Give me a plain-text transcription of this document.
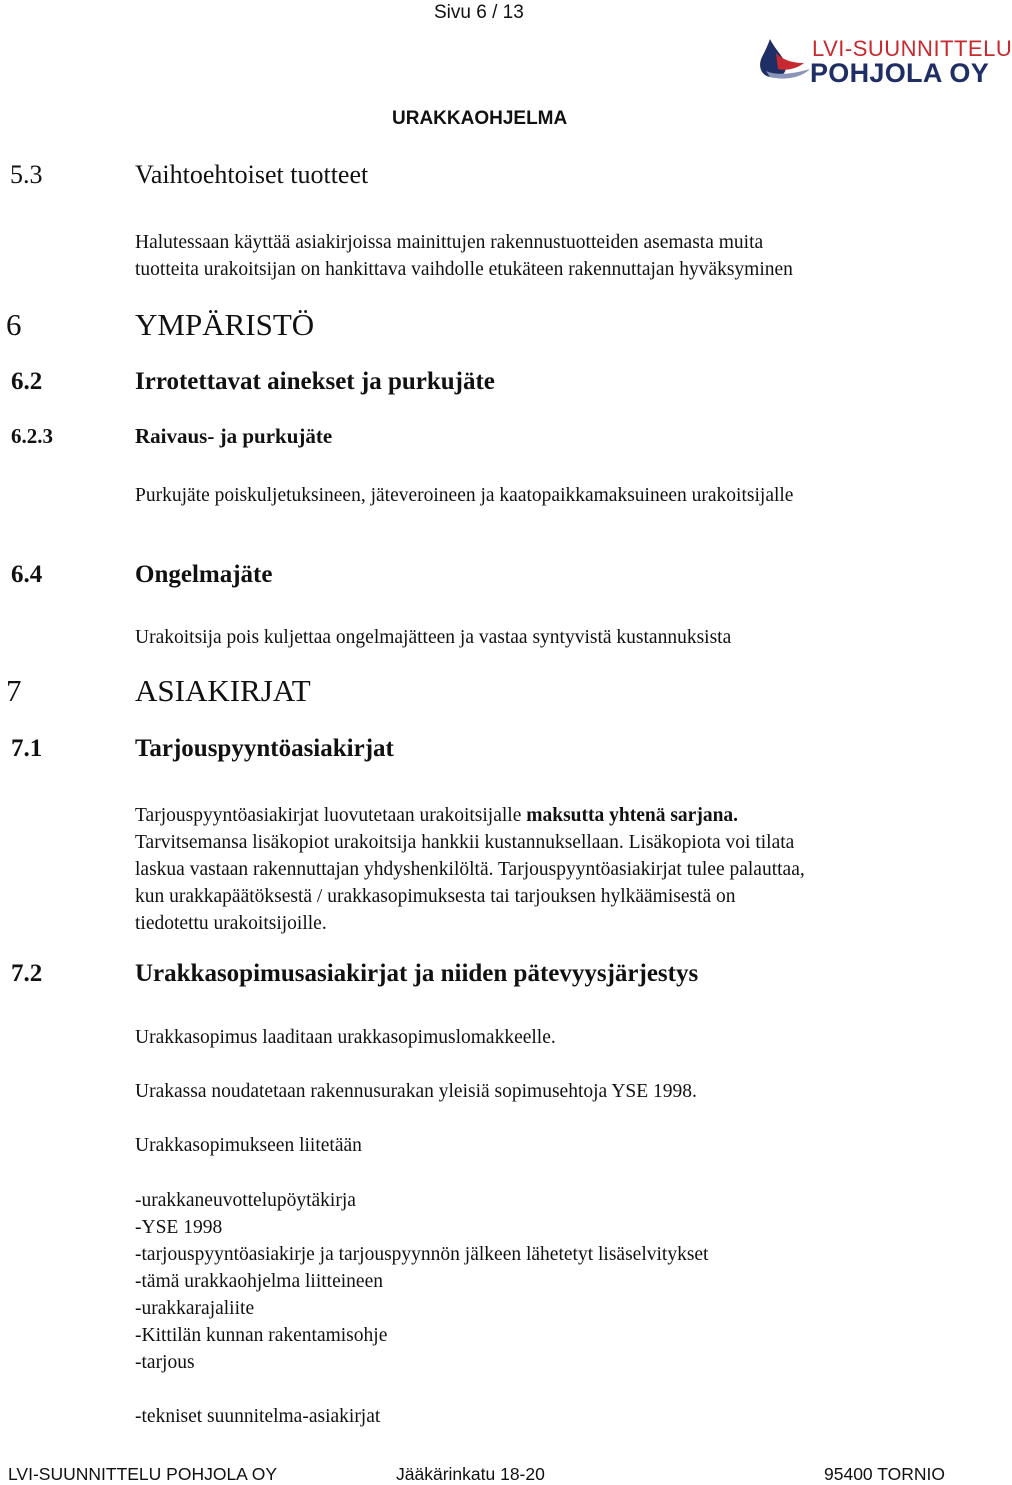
Sivu 6 / 13
URAKKAOHJELMA
LVI-SUUNNITTELU
POHJOLA OY
5.3	Vaihtoehtoiset tuotteet
Halutessaan käyttää asiakirjoissa mainittujen rakennustuotteiden asemasta muita
tuotteita urakoitsijan on hankittava vaihdolle etukäteen rakennuttajan hyväksyminen
6	YMPÄRISTÖ
6.2	Irrotettavat ainekset ja purkujäte
6.2.3	Raivaus- ja purkujäte
Purkujäte poiskuljetuksineen, jäteveroineen ja kaatopaikkamaksuineen urakoitsijalle
6.4	Ongelmajäte
Urakoitsija pois kuljettaa ongelmajätteen ja vastaa syntyvistä kustannuksista
7	ASIAKIRJAT
7.1	Tarjouspyyntöasiakirjat
Tarjouspyyntöasiakirjat luovutetaan urakoitsijalle maksutta yhtenä sarjana.
Tarvitsemansa lisäkopiot urakoitsija hankkii kustannuksellaan. Lisäkopiota voi tilata
laskua vastaan rakennuttajan yhdyshenkilöltä. Tarjouspyyntöasiakirjat tulee palauttaa,
kun urakkapäätöksestä / urakkasopimuksesta tai tarjouksen hylkäämisestä on
tiedotettu urakoitsijoille.
7.2	Urakkasopimusasiakirjat ja niiden pätevyysjärjestys
Urakkasopimus laaditaan urakkasopimuslomakkeelle.
Urakassa noudatetaan rakennusurakan yleisiä sopimusehtoja YSE 1998.
Urakkasopimukseen liitetään
-urakkaneuvottelupöytäkirja
-YSE 1998
-tarjouspyyntöasiakirje ja tarjouspyynnön jälkeen lähetetyt lisäselvitykset
-tämä urakkaohjelma liitteineen
-urakkarajaliite
-Kittilän kunnan rakentamisohje
-tarjous
-tekniset suunnitelma-asiakirjat
LVI-SUUNNITTELU POHJOLA OY	Jääkärinkatu 18-20	95400 TORNIO
